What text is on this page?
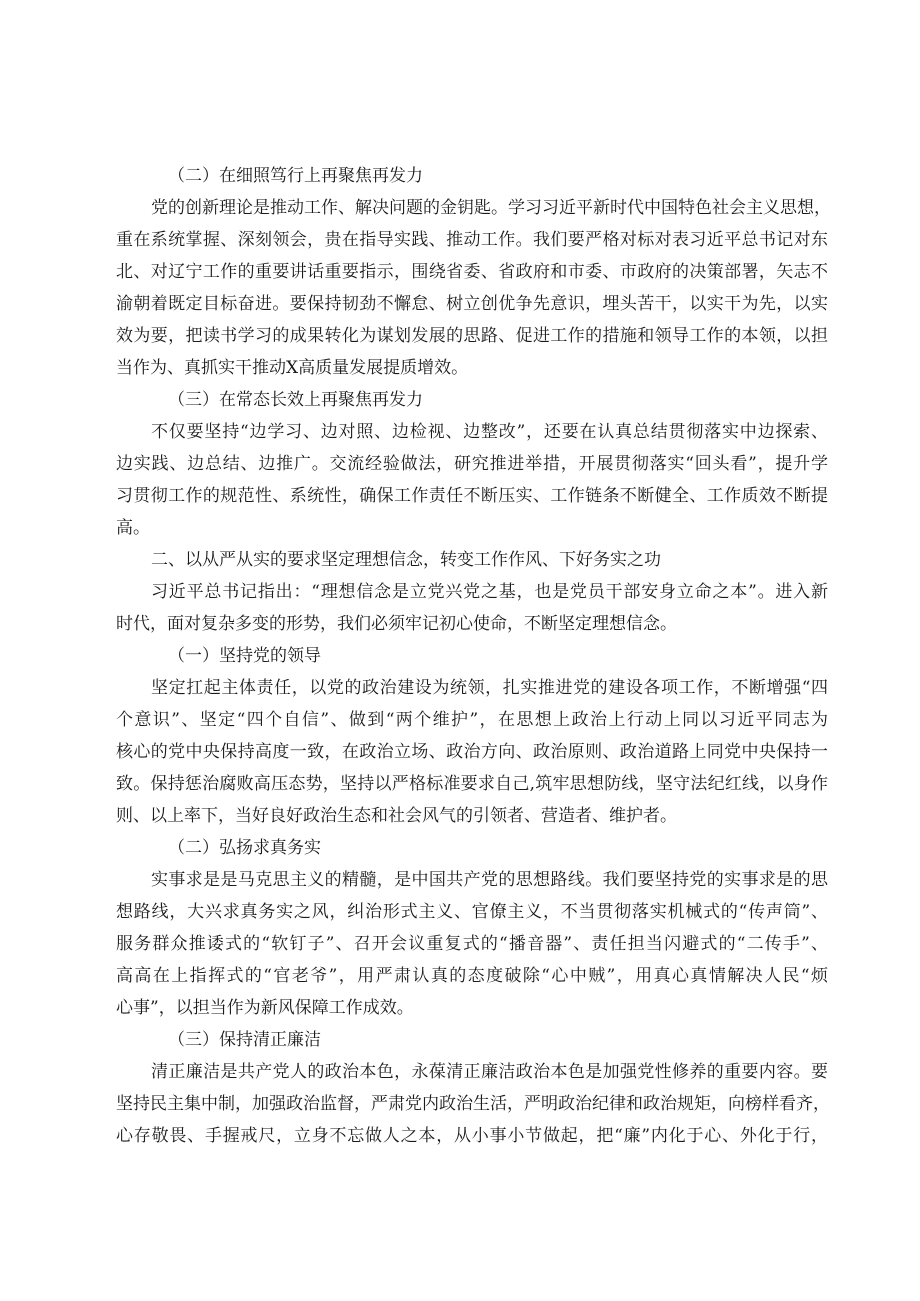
（二）在细照笃行上再聚焦再发力
党的创新理论是推动工作、解决问题的金钥匙。学习习近平新时代中国特色社会主义思想，
重在系统掌握、深刻领会，贵在指导实践、推动工作。我们要严格对标对表习近平总书记对东
北、对辽宁工作的重要讲话重要指示，围绕省委、省政府和市委、市政府的决策部署，矢志不
渝朝着既定目标奋进。要保持韧劲不懈怠、树立创优争先意识，埋头苦干，以实干为先，以实
效为要，把读书学习的成果转化为谋划发展的思路、促进工作的措施和领导工作的本领，以担
当作为、真抓实干推动X高质量发展提质增效。
（三）在常态长效上再聚焦再发力
不仅要坚持“边学习、边对照、边检视、边整改”，还要在认真总结贯彻落实中边探索、
边实践、边总结、边推广。交流经验做法，研究推进举措，开展贯彻落实“回头看”，提升学
习贯彻工作的规范性、系统性，确保工作责任不断压实、工作链条不断健全、工作质效不断提
高。
二、以从严从实的要求坚定理想信念，转变工作作风、下好务实之功
习近平总书记指出：“理想信念是立党兴党之基，也是党员干部安身立命之本”。进入新
时代，面对复杂多变的形势，我们必须牢记初心使命，不断坚定理想信念。
（一）坚持党的领导
坚定扛起主体责任，以党的政治建设为统领，扎实推进党的建设各项工作，不断增强“四
个意识”、坚定“四个自信”、做到“两个维护”，在思想上政治上行动上同以习近平同志为
核心的党中央保持高度一致，在政治立场、政治方向、政治原则、政治道路上同党中央保持一
致。保持惩治腐败高压态势，坚持以严格标准要求自己,筑牢思想防线，坚守法纪红线，以身作
则、以上率下，当好良好政治生态和社会风气的引领者、营造者、维护者。
（二）弘扬求真务实
实事求是是马克思主义的精髓，是中国共产党的思想路线。我们要坚持党的实事求是的思
想路线，大兴求真务实之风，纠治形式主义、官僚主义，不当贯彻落实机械式的“传声筒”、
服务群众推诿式的“软钉子”、召开会议重复式的“播音器”、责任担当闪避式的“二传手”、
高高在上指挥式的“官老爷”，用严肃认真的态度破除“心中贼”，用真心真情解决人民“烦
心事”，以担当作为新风保障工作成效。
（三）保持清正廉洁
清正廉洁是共产党人的政治本色，永葆清正廉洁政治本色是加强党性修养的重要内容。要
坚持民主集中制，加强政治监督，严肃党内政治生活，严明政治纪律和政治规矩，向榜样看齐，
心存敬畏、手握戒尺，立身不忘做人之本，从小事小节做起，把“廉”内化于心、外化于行，
